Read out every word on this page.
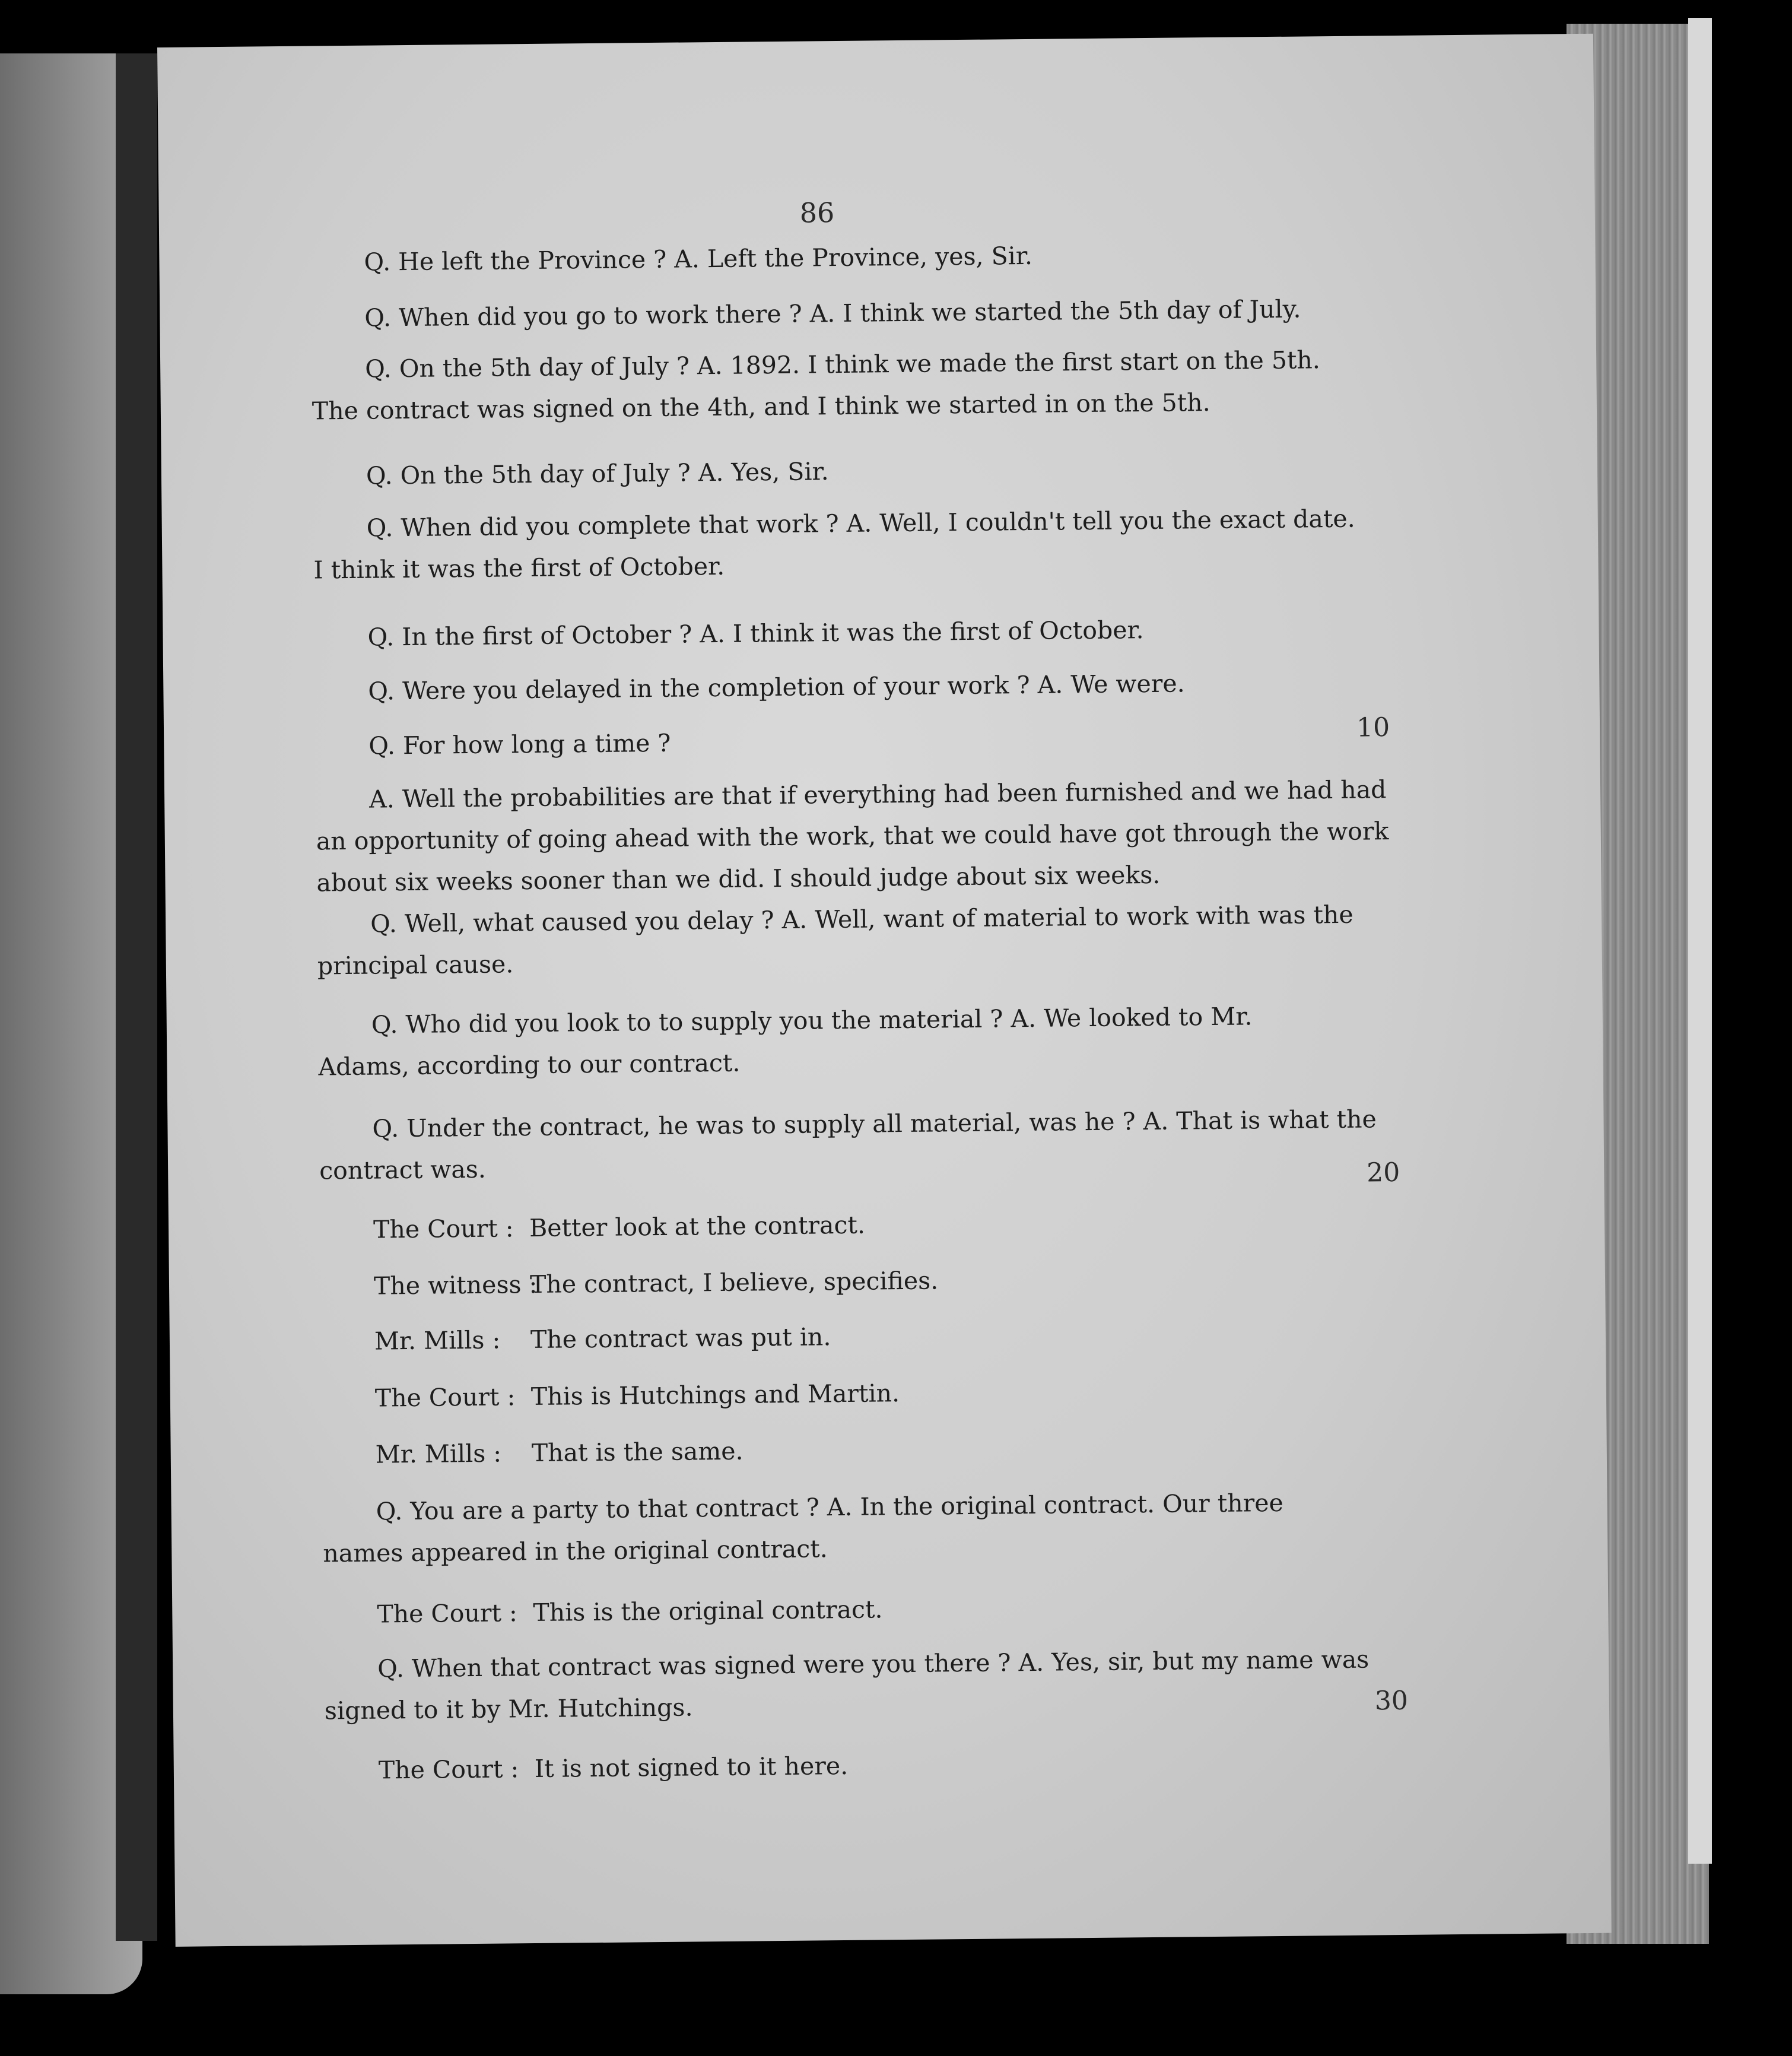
86
10
20
30
Q. He left the Province ? A. Left the Province, yes, Sir.
Q. When did you go to work there ? A. I think we started the 5th day of July.
Q. On the 5th day of July ? A. 1892. I think we made the first start on the 5th.
The contract was signed on the 4th, and I think we started in on the 5th.
Q. On the 5th day of July ? A. Yes, Sir.
Q. When did you complete that work ? A. Well, I couldn't tell you the exact date.
I think it was the first of October.
Q. In the first of October ? A. I think it was the first of October.
Q. Were you delayed in the completion of your work ? A. We were.
Q. For how long a time ?
A. Well the probabilities are that if everything had been furnished and we had had
an opportunity of going ahead with the work, that we could have got through the work
about six weeks sooner than we did. I should judge about six weeks.
Q. Well, what caused you delay ? A. Well, want of material to work with was the
principal cause.
Q. Who did you look to to supply you the material ? A. We looked to Mr.
Adams, according to our contract.
Q. Under the contract, he was to supply all material, was he ? A. That is what the
contract was.
The Court : Better look at the contract.
The witness : The contract, I believe, specifies.
Mr. Mills : The contract was put in.
The Court : This is Hutchings and Martin.
Mr. Mills : That is the same.
Q. You are a party to that contract ? A. In the original contract. Our three
names appeared in the original contract.
The Court : This is the original contract.
Q. When that contract was signed were you there ? A. Yes, sir, but my name was
signed to it by Mr. Hutchings.
The Court : It is not signed to it here.
